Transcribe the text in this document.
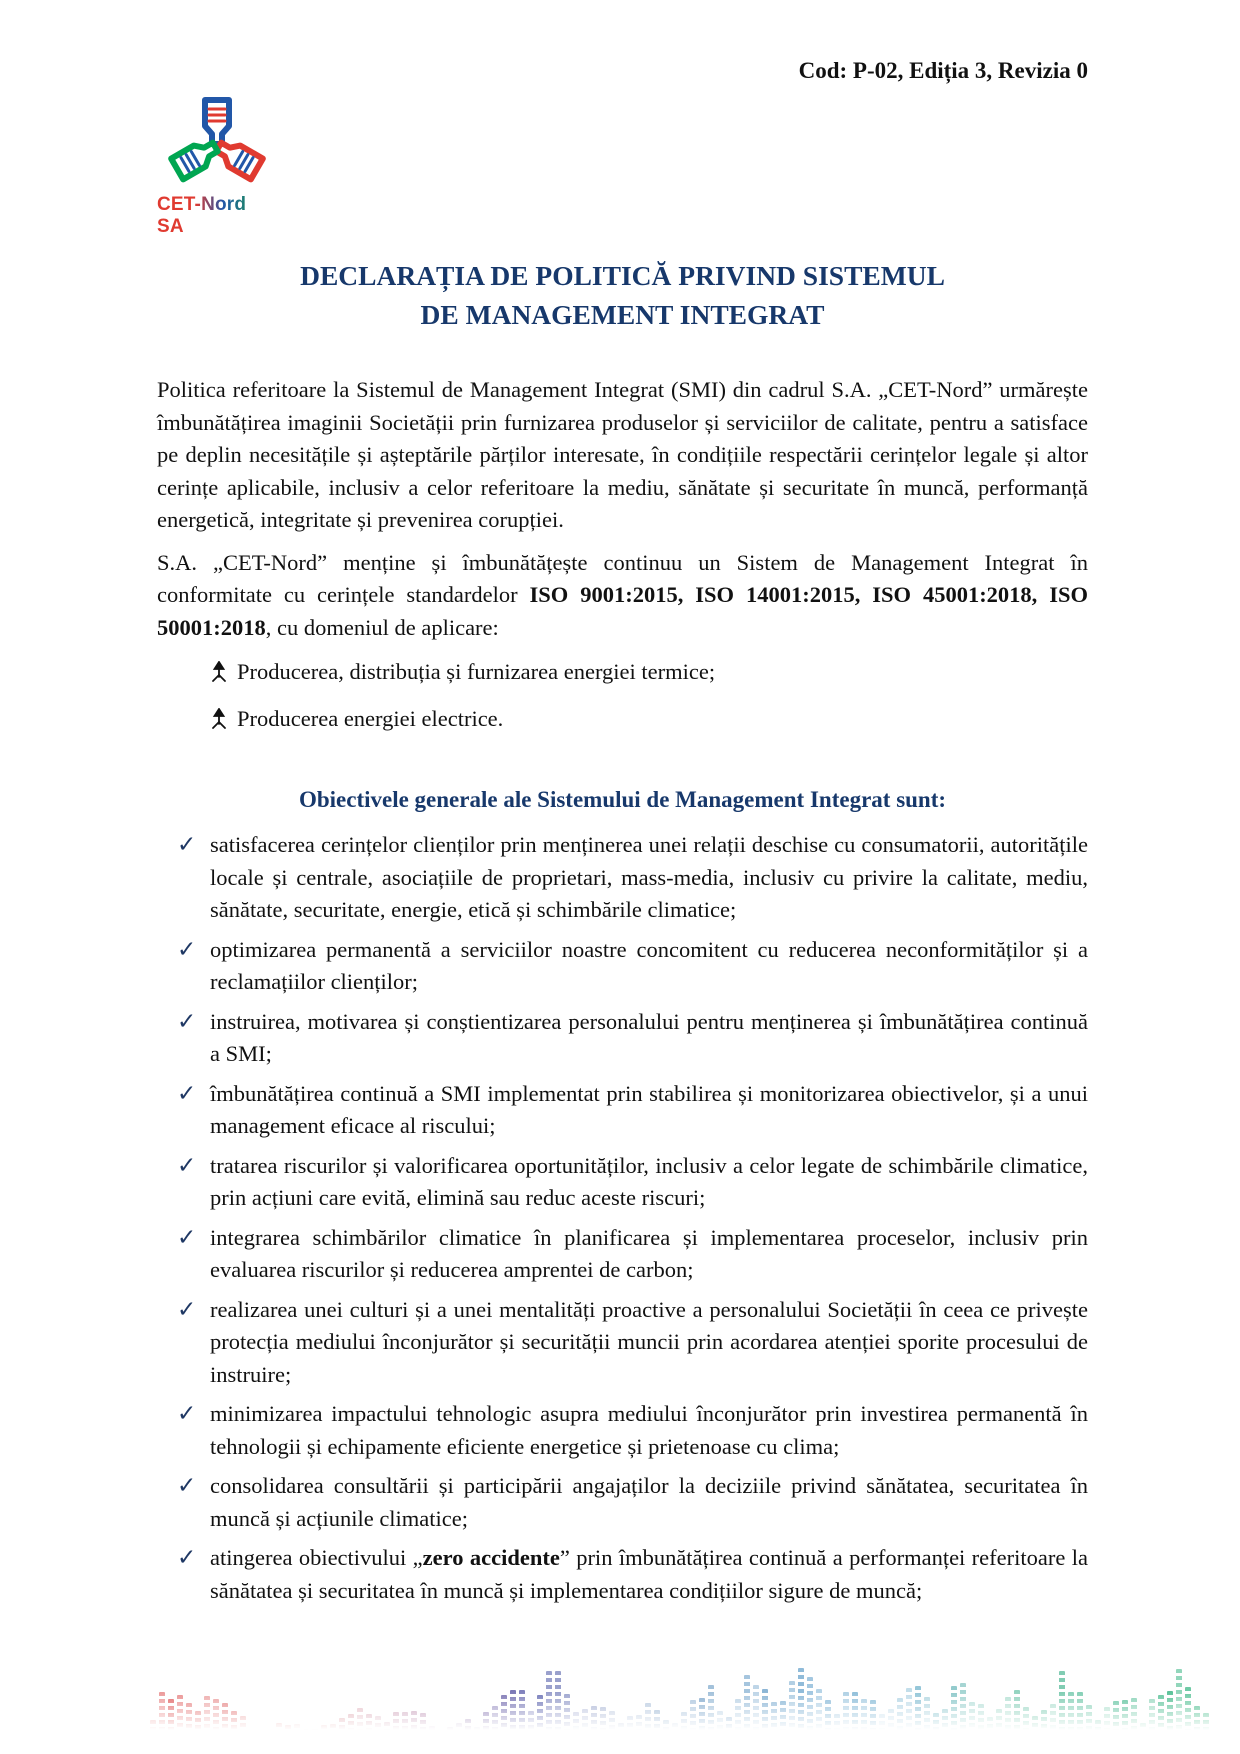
Cod: P-02, Ediția 3, Revizia 0
CET-Nord SA
DECLARAȚIA DE POLITICĂ PRIVIND SISTEMUL
DE MANAGEMENT INTEGRAT

Politica referitoare la Sistemul de Management Integrat (SMI) din cadrul S.A. „CET-Nord” urmărește îmbunătățirea imaginii Societății prin furnizarea produselor și serviciilor de calitate, pentru a satisface pe deplin necesitățile și așteptările părților interesate, în condițiile respectării cerințelor legale și altor cerințe aplicabile, inclusiv a celor referitoare la mediu, sănătate și securitate în muncă, performanță energetică, integritate și prevenirea corupției.

S.A. „CET-Nord” menține și îmbunătățește continuu un Sistem de Management Integrat în conformitate cu cerințele standardelor ISO 9001:2015, ISO 14001:2015, ISO 45001:2018, ISO 50001:2018, cu domeniul de aplicare:

Producerea, distribuția și furnizarea energiei termice;
Producerea energiei electrice.
Obiectivele generale ale Sistemului de Management Integrat sunt:
✓ satisfacerea cerințelor clienților prin menținerea unei relații deschise cu consumatorii, autoritățile locale și centrale, asociațiile de proprietari, mass-media, inclusiv cu privire la calitate, mediu, sănătate, securitate, energie, etică și schimbările climatice;
✓ optimizarea permanentă a serviciilor noastre concomitent cu reducerea neconformităților și a reclamațiilor clienților;
✓ instruirea, motivarea și conștientizarea personalului pentru menținerea și îmbunătățirea continuă a SMI;
✓ îmbunătățirea continuă a SMI implementat prin stabilirea și monitorizarea obiectivelor, și a unui management eficace al riscului;
✓ tratarea riscurilor și valorificarea oportunităților, inclusiv a celor legate de schimbările climatice, prin acțiuni care evită, elimină sau reduc aceste riscuri;
✓ integrarea schimbărilor climatice în planificarea și implementarea proceselor, inclusiv prin evaluarea riscurilor și reducerea amprentei de carbon;
✓ realizarea unei culturi și a unei mentalități proactive a personalului Societății în ceea ce privește protecția mediului înconjurător și securității muncii prin acordarea atenției sporite procesului de instruire;
✓ minimizarea impactului tehnologic asupra mediului înconjurător prin investirea permanentă în tehnologii și echipamente eficiente energetice și prietenoase cu clima;
✓ consolidarea consultării și participării angajaților la deciziile privind sănătatea, securitatea în muncă și acțiunile climatice;
✓ atingerea obiectivului „zero accidente” prin îmbunătățirea continuă a performanței referitoare la sănătatea și securitatea în muncă și implementarea condițiilor sigure de muncă;
